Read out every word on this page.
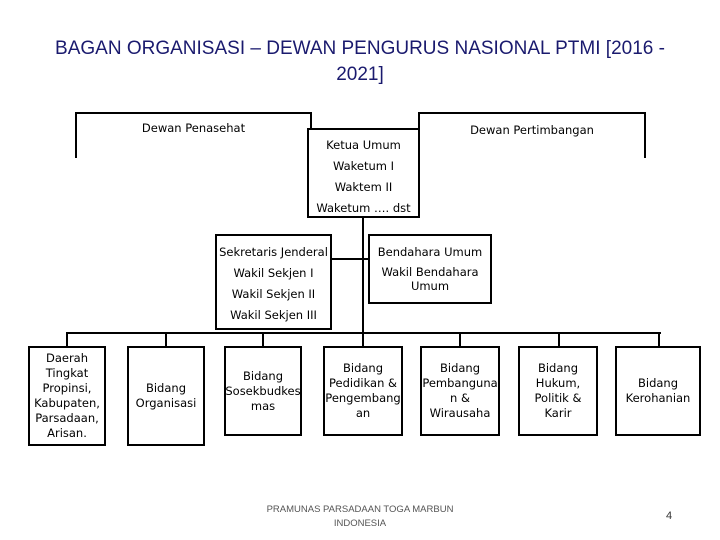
BAGAN ORGANISASI – DEWAN PENGURUS NASIONAL PTMI [2016 - 2021]
Dewan Penasehat	Dewan Pertimbangan
Ketua Umum
Waketum I
Waktem II
Waketum …. dst
Sekretaris Jenderal
Wakil Sekjen I
Wakil Sekjen II
Wakil Sekjen III
Bendahara Umum
Wakil Bendahara Umum
Daerah
Tingkat
Propinsi,
Kabupaten,
Parsadaan,
Arisan.
Bidang
Organisasi
Bidang
Sosekbudkes
mas
Bidang
Pedidikan &
Pengembang
an
Bidang
Pembanguna
n &
Wirausaha
Bidang
Hukum,
Politik &
Karir
Bidang
Kerohanian
PRAMUNAS PARSADAAN TOGA MARBUN
INDONESIA
4
